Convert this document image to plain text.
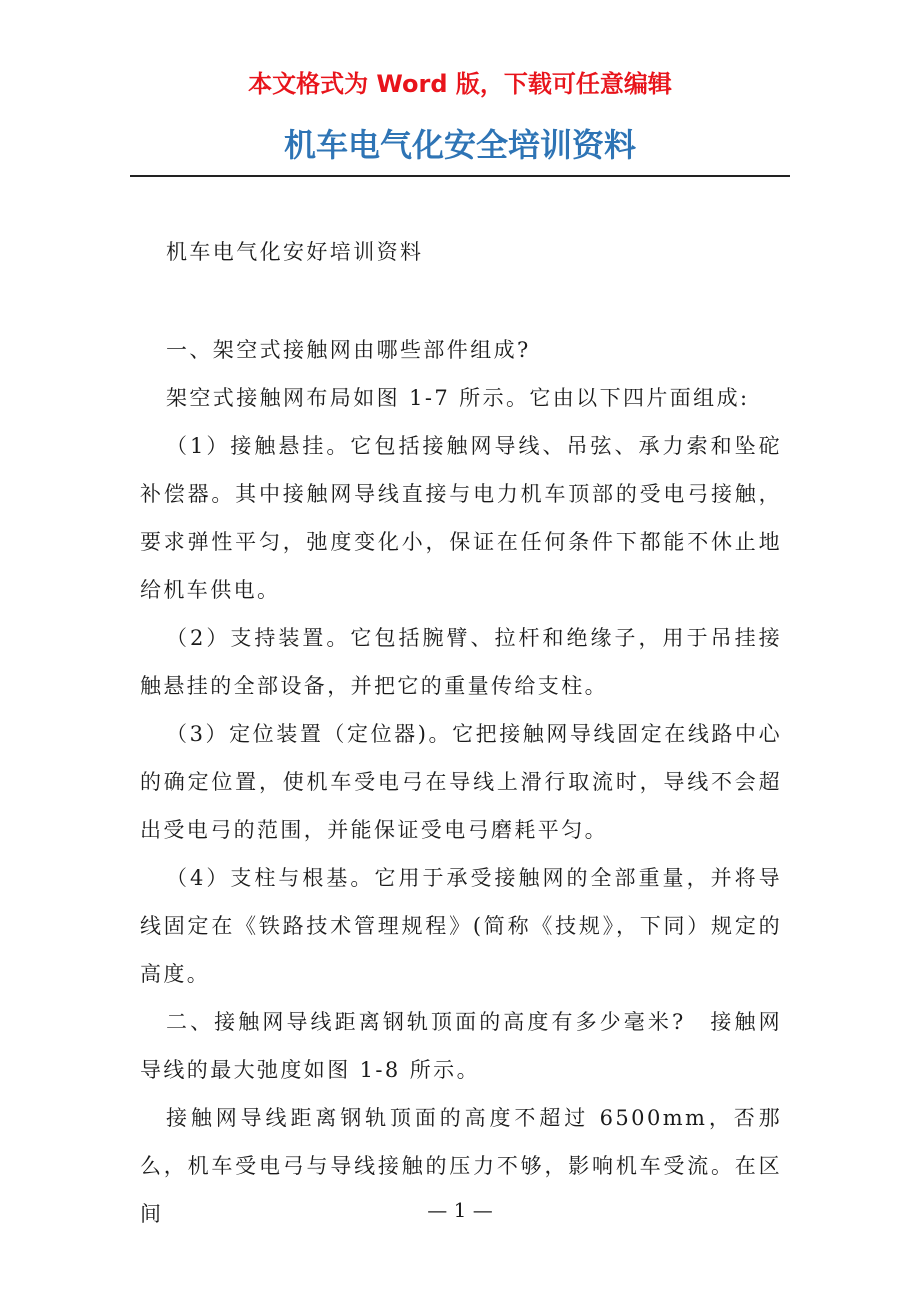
本文格式为 Word 版，下载可任意编辑
机车电气化安全培训资料

机车电气化安好培训资料

一、架空式接触网由哪些部件组成?

架空式接触网布局如图 1-7 所示。它由以下四片面组成:

（1）接触悬挂。它包括接触网导线、吊弦、承力索和坠砣补偿器。其中接触网导线直接与电力机车顶部的受电弓接触，要求弹性平匀，弛度变化小，保证在任何条件下都能不休止地给机车供电。

（2）支持装置。它包括腕臂、拉杆和绝缘子，用于吊挂接触悬挂的全部设备，并把它的重量传给支柱。

（3）定位装置（定位器)。它把接触网导线固定在线路中心的确定位置，使机车受电弓在导线上滑行取流时，导线不会超出受电弓的范围，并能保证受电弓磨耗平匀。

（4）支柱与根基。它用于承受接触网的全部重量，并将导线固定在《铁路技术管理规程》(简称《技规》，下同）规定的高度。

二、接触网导线距离钢轨顶面的高度有多少毫米?　接触网导线的最大弛度如图 1-8 所示。

接触网导线距离钢轨顶面的高度不超过 6500mm，否那么，机车受电弓与导线接触的压力不够，影响机车受流。在区间	— 1 —
